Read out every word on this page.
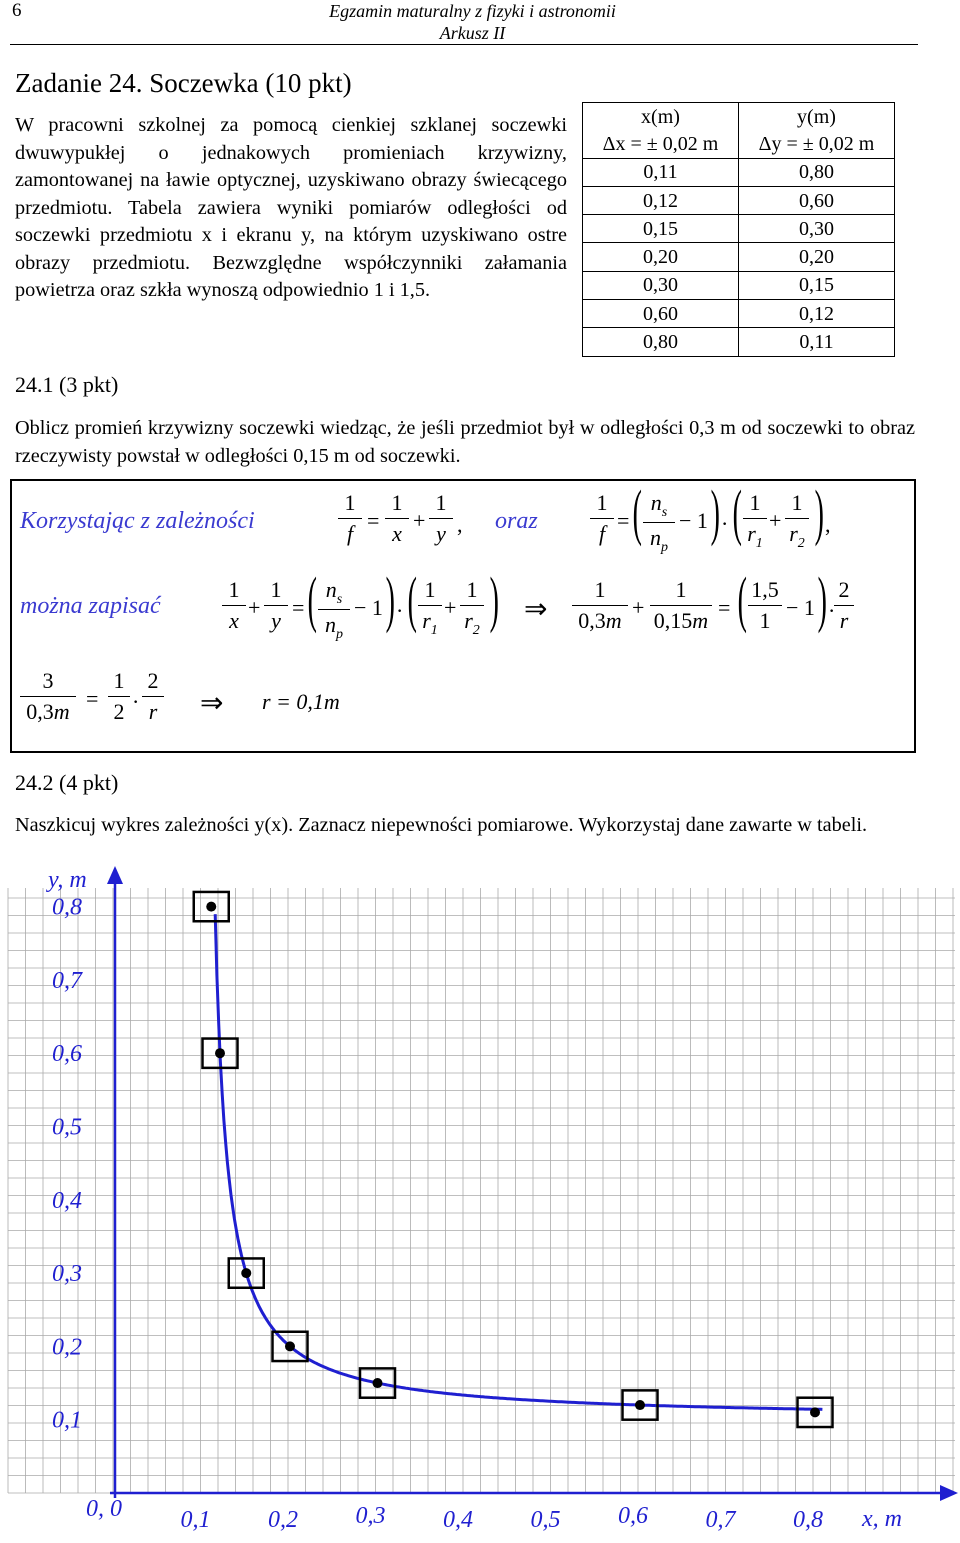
6	Egzamin maturalny z fizyki i astronomii
Arkusz II
Zadanie 24. Soczewka (10 pkt)
W pracowni szkolnej za pomocą cienkiej szklanej soczewki dwuwypukłej o jednakowych promieniach krzywizny, zamontowanej na ławie optycznej, uzyskiwano obrazy świecącego przedmiotu. Tabela zawiera wyniki pomiarów odległości od soczewki przedmiotu x i ekranu y, na którym uzyskiwano ostre obrazy przedmiotu. Bezwzględne współczynniki załamania powietrza oraz szkła wynoszą odpowiednio 1 i 1,5.
x(m)	y(m)
Δx = ± 0,02 m	Δy = ± 0,02 m
0,11	0,80
0,12	0,60
0,15	0,30
0,20	0,20
0,30	0,15
0,60	0,12
0,80	0,11
24.1 (3 pkt)
Oblicz promień krzywizny soczewki wiedząc, że jeśli przedmiot był w odległości 0,3 m od soczewki to obraz rzeczywisty powstał w odległości 0,15 m od soczewki.
Korzystając z zależności
1
f
=
1
x
+
1
y , oraz
1
f
= ( $n_s$
$n_p$
− 1 ) · ( 1
$r_1$
+
1
$r_2$ ) ,
można zapisać
1
x
+
1
y
= ( $n_s$
$n_p$
− 1 ) · ( 1
$r_1$
+
1
$r_2$ ) ⇒
1
0,3m
+
1
0,15m
= ( 1,5
1
− 1 ) ·
2
r
3
0,3m
=
1
2 ·
2
r ⇒ r = 0,1m
24.2 (4 pkt)
Naszkicuj wykres zależności y(x). Zaznacz niepewności pomiarowe. Wykorzystaj dane zawarte w tabeli.
0,1
0,2
0,3
0,4
0,5
0,6
0,7
0,8
0,1 0,2 0,3 0,4 0,5 0,6 0,7 0,8
0, 0	x, m
y, m
